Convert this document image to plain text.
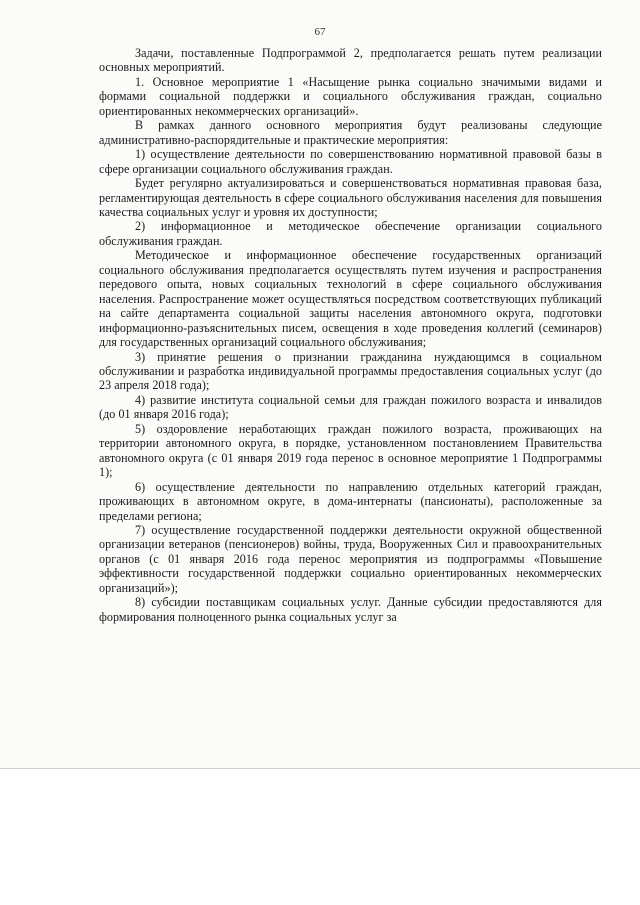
67

Задачи, поставленные Подпрограммой 2, предполагается решать путем реализации основных мероприятий.

1. Основное мероприятие 1 «Насыщение рынка социально значимыми видами и формами социальной поддержки и социального обслуживания граждан, социально ориентированных некоммерческих организаций».

В рамках данного основного мероприятия будут реализованы следующие административно-распорядительные и практические мероприятия:

1) осуществление деятельности по совершенствованию нормативной правовой базы в сфере организации социального обслуживания граждан.

Будет регулярно актуализироваться и совершенствоваться нормативная правовая база, регламентирующая деятельность в сфере социального обслуживания населения для повышения качества социальных услуг и уровня их доступности;

2) информационное и методическое обеспечение организации социального обслуживания граждан.

Методическое и информационное обеспечение государственных организаций социального обслуживания предполагается осуществлять путем изучения и распространения передового опыта, новых социальных технологий в сфере социального обслуживания населения. Распространение может осуществляться посредством соответствующих публикаций на сайте департамента социальной защиты населения автономного округа, подготовки информационно-разъяснительных писем, освещения в ходе проведения коллегий (семинаров) для государственных организаций социального обслуживания;

3) принятие решения о признании гражданина нуждающимся в социальном обслуживании и разработка индивидуальной программы предоставления социальных услуг (до 23 апреля 2018 года);

4) развитие института социальной семьи для граждан пожилого возраста и инвалидов (до 01 января 2016 года);

5) оздоровление неработающих граждан пожилого возраста, проживающих на территории автономного округа, в порядке, установленном постановлением Правительства автономного округа (с 01 января 2019 года перенос в основное мероприятие 1 Подпрограммы 1);

6) осуществление деятельности по направлению отдельных категорий граждан, проживающих в автономном округе, в дома-интернаты (пансионаты), расположенные за пределами региона;

7) осуществление государственной поддержки деятельности окружной общественной организации ветеранов (пенсионеров) войны, труда, Вооруженных Сил и правоохранительных органов (с 01 января 2016 года перенос мероприятия из подпрограммы «Повышение эффективности государственной поддержки социально ориентированных некоммерческих организаций»);

8) субсидии поставщикам социальных услуг. Данные субсидии предоставляются для формирования полноценного рынка социальных услуг за
